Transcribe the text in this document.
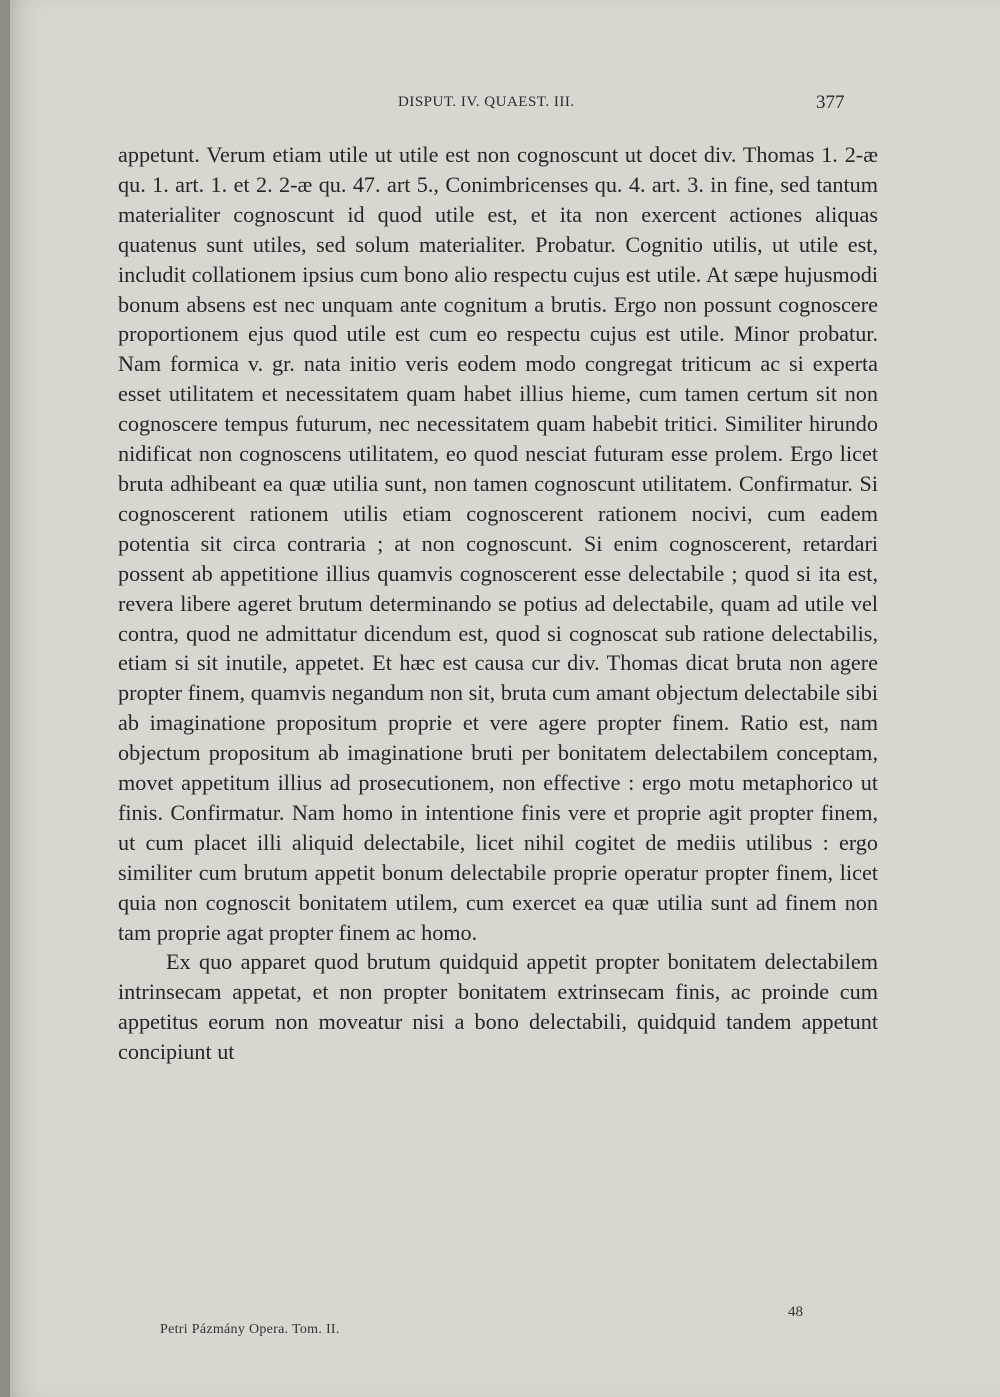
DISPUT. IV. QUAEST. III.	377

appetunt. Verum etiam utile ut utile est non cognoscunt ut docet div. Thomas 1. 2-æ qu. 1. art. 1. et 2. 2-æ qu. 47. art 5., Conimbricenses qu. 4. art. 3. in fine, sed tantum materialiter cognoscunt id quod utile est, et ita non exercent actiones aliquas quatenus sunt utiles, sed solum materialiter. Probatur. Cognitio utilis, ut utile est, includit collationem ipsius cum bono alio respectu cujus est utile. At sæpe hujusmodi bonum absens est nec unquam ante cognitum a brutis. Ergo non possunt cognoscere proportionem ejus quod utile est cum eo respectu cujus est utile. Minor probatur. Nam formica v. gr. nata initio veris eodem modo congregat triticum ac si experta esset utilitatem et necessitatem quam habet illius hieme, cum tamen certum sit non cognoscere tempus futurum, nec necessitatem quam habebit tritici. Similiter hirundo nidificat non cognoscens utilitatem, eo quod nesciat futuram esse prolem. Ergo licet bruta adhibeant ea quæ utilia sunt, non tamen cognoscunt utilitatem. Confirmatur. Si cognoscerent rationem utilis etiam cognoscerent rationem nocivi, cum eadem potentia sit circa contraria ; at non cognoscunt. Si enim cognoscerent, retardari possent ab appetitione illius quamvis cognoscerent esse delectabile ; quod si ita est, revera libere ageret brutum determinando se potius ad delectabile, quam ad utile vel contra, quod ne admittatur dicendum est, quod si cognoscat sub ratione delectabilis, etiam si sit inutile, appetet. Et hæc est causa cur div. Thomas dicat bruta non agere propter finem, quamvis negandum non sit, bruta cum amant objectum delectabile sibi ab imaginatione propositum proprie et vere agere propter finem. Ratio est, nam objectum propositum ab imaginatione bruti per bonitatem delectabilem conceptam, movet appetitum illius ad prosecutionem, non effective : ergo motu metaphorico ut finis. Confirmatur. Nam homo in intentione finis vere et proprie agit propter finem, ut cum placet illi aliquid delectabile, licet nihil cogitet de mediis utilibus : ergo similiter cum brutum appetit bonum delectabile proprie operatur propter finem, licet quia non cognoscit bonitatem utilem, cum exercet ea quæ utilia sunt ad finem non tam proprie agat propter finem ac homo.

Ex quo apparet quod brutum quidquid appetit propter bonitatem delectabilem intrinsecam appetat, et non propter bonitatem extrinsecam finis, ac proinde cum appetitus eorum non moveatur nisi a bono delectabili, quidquid tandem appetunt concipiunt ut

48
Petri Pázmány Opera. Tom. II.
